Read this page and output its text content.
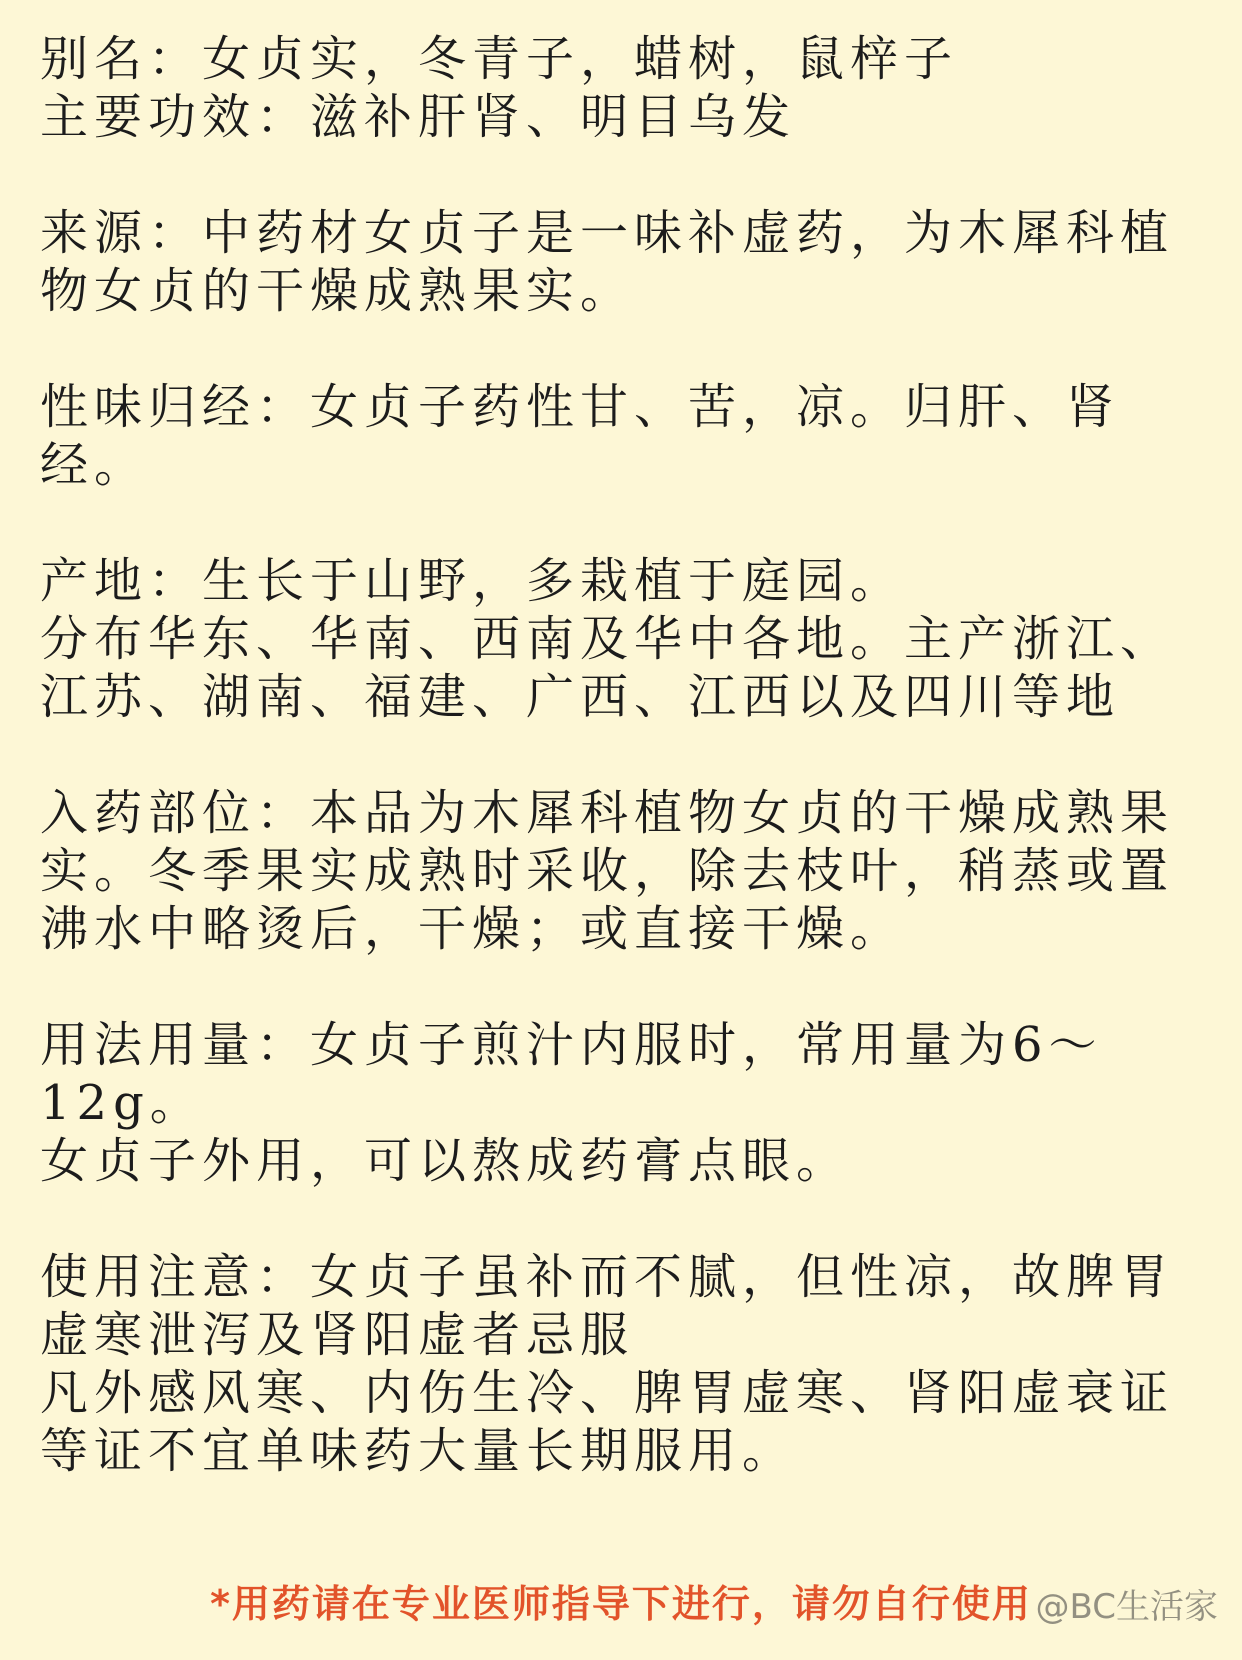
别名：女贞实，冬青子，蜡树，鼠梓子
主要功效：滋补肝肾、明目乌发
来源：中药材女贞子是一味补虚药，为木犀科植
物女贞的干燥成熟果实。
性味归经：女贞子药性甘、苦，凉。归肝、肾
经。
产地：生长于山野，多栽植于庭园。
分布华东、华南、西南及华中各地。主产浙江、
江苏、湖南、福建、广西、江西以及四川等地
入药部位：本品为木犀科植物女贞的干燥成熟果
实。冬季果实成熟时采收，除去枝叶，稍蒸或置
沸水中略烫后，干燥；或直接干燥。
用法用量：女贞子煎汁内服时，常用量为6～
12g。
女贞子外用，可以熬成药膏点眼。
使用注意：女贞子虽补而不腻，但性凉，故脾胃
虚寒泄泻及肾阳虚者忌服
凡外感风寒、内伤生冷、脾胃虚寒、肾阳虚衰证
等证不宜单味药大量长期服用。
*用药请在专业医师指导下进行，请勿自行使用 @BC生活家
